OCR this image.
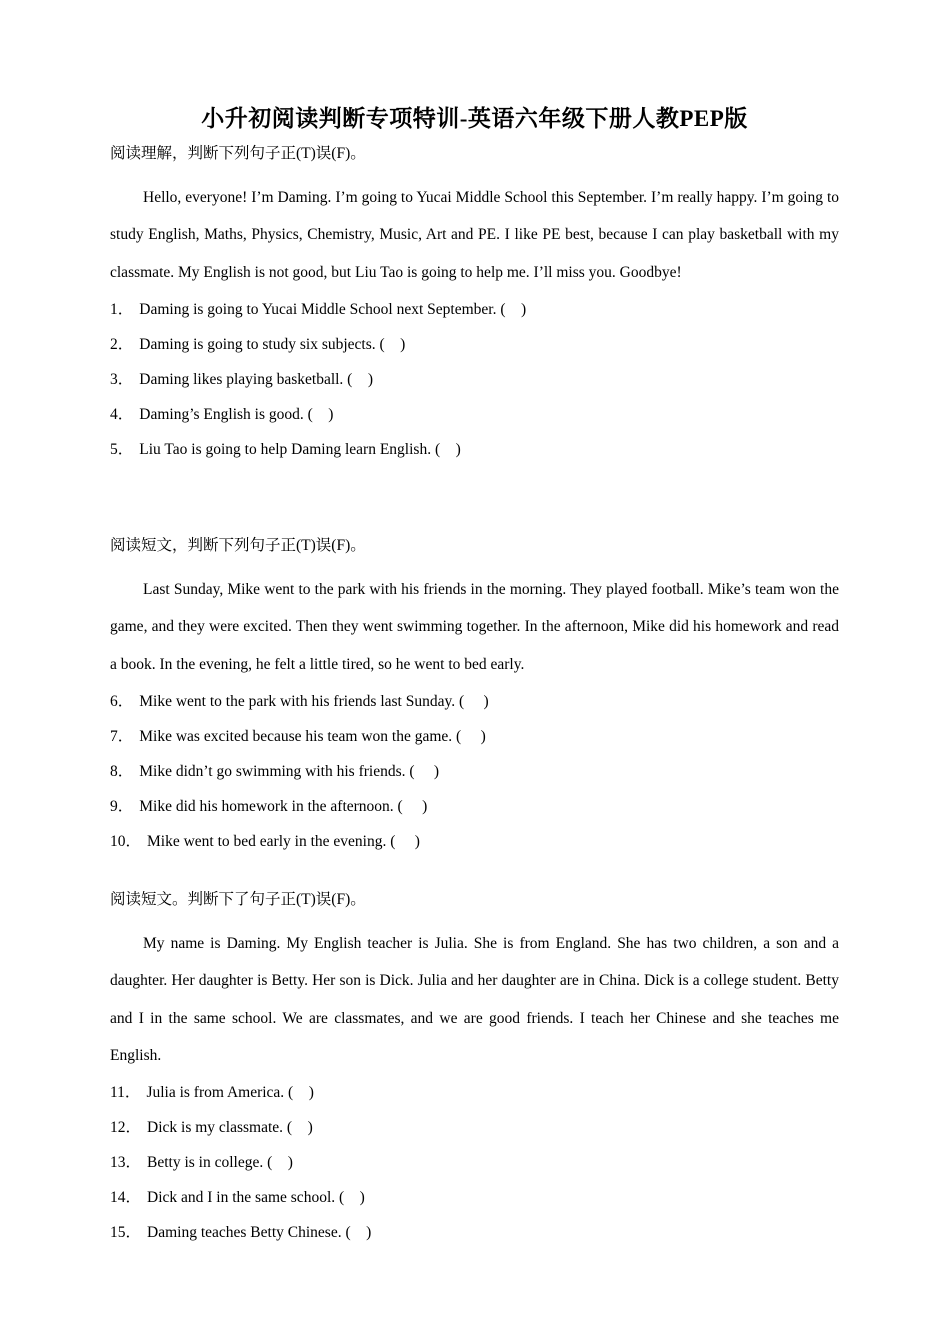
小升初阅读判断专项特训-英语六年级下册人教PEP版
阅读理解，判断下列句子正(T)误(F)。
Hello, everyone! I’m Daming. I’m going to Yucai Middle School this September. I’m really happy. I’m going to study English, Maths, Physics, Chemistry, Music, Art and PE. I like PE best, because I can play basketball with my classmate. My English is not good, but Liu Tao is going to help me. I’ll miss you. Goodbye!
1． Daming is going to Yucai Middle School next September. (    )
2． Daming is going to study six subjects. (    )
3． Daming likes playing basketball. (    )
4． Daming’s English is good. (    )
5． Liu Tao is going to help Daming learn English. (    )
阅读短文，判断下列句子正(T)误(F)。
Last Sunday, Mike went to the park with his friends in the morning. They played football. Mike’s team won the game, and they were excited. Then they went swimming together. In the afternoon, Mike did his homework and read a book. In the evening, he felt a little tired, so he went to bed early.
6． Mike went to the park with his friends last Sunday. (     )
7． Mike was excited because his team won the game. (     )
8． Mike didn’t go swimming with his friends. (     )
9． Mike did his homework in the afternoon. (     )
10． Mike went to bed early in the evening. (     )
阅读短文。判断下了句子正(T)误(F)。
My name is Daming. My English teacher is Julia. She is from England. She has two children, a son and a daughter. Her daughter is Betty. Her son is Dick. Julia and her daughter are in China. Dick is a college student. Betty and I in the same school. We are classmates, and we are good friends. I teach her Chinese and she teaches me English.
11． Julia is from America. (    )
12． Dick is my classmate. (    )
13． Betty is in college. (    )
14． Dick and I in the same school. (    )
15． Daming teaches Betty Chinese. (    )
